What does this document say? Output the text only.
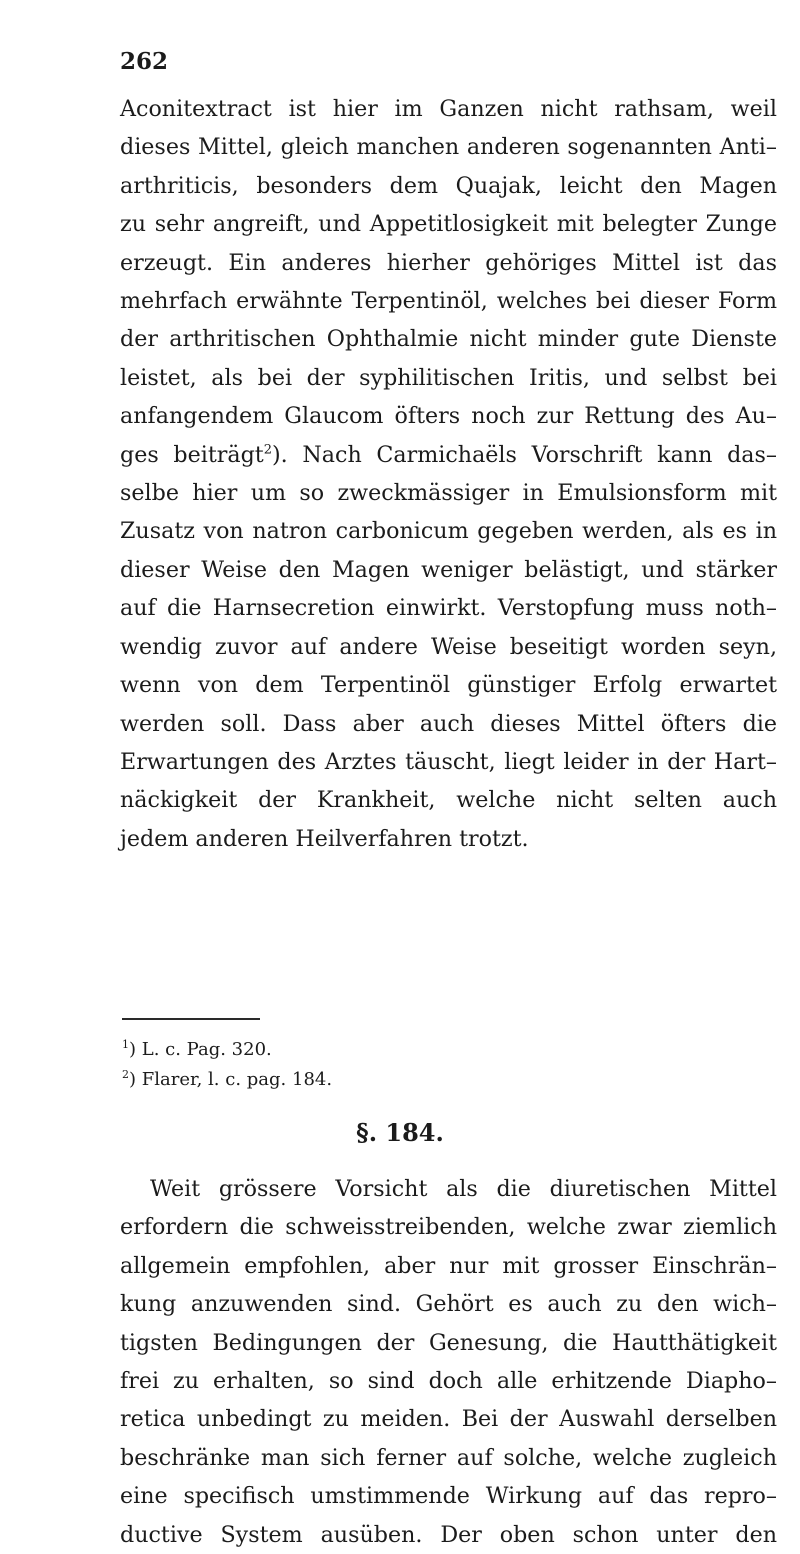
262
Aconitextract ist hier im Ganzen nicht rathsam, weil
dieses Mittel, gleich manchen anderen sogenannten Anti–
arthriticis, besonders dem Quajak, leicht den Magen
zu sehr angreift, und Appetitlosigkeit mit belegter Zunge
erzeugt. Ein anderes hierher gehöriges Mittel ist das
mehrfach erwähnte Terpentinöl, welches bei dieser Form
der arthritischen Ophthalmie nicht minder gute Dienste
leistet, als bei der syphilitischen Iritis, und selbst bei
anfangendem Glaucom öfters noch zur Rettung des Au–
ges beiträgt$^2$). Nach Carmichaëls Vorschrift kann das–
selbe hier um so zweckmässiger in Emulsionsform mit
Zusatz von natron carbonicum gegeben werden, als es in
dieser Weise den Magen weniger belästigt, und stärker
auf die Harnsecretion einwirkt. Verstopfung muss noth–
wendig zuvor auf andere Weise beseitigt worden seyn,
wenn von dem Terpentinöl günstiger Erfolg erwartet
werden soll. Dass aber auch dieses Mittel öfters die
Erwartungen des Arztes täuscht, liegt leider in der Hart–
näckigkeit der Krankheit, welche nicht selten auch
jedem anderen Heilverfahren trotzt.
$^1$) L. c. Pag. 320.
$^2$) Flarer, l. c. pag. 184.
§. 184.
Weit grössere Vorsicht als die diuretischen Mittel
erfordern die schweisstreibenden, welche zwar ziemlich
allgemein empfohlen, aber nur mit grosser Einschrän–
kung anzuwenden sind. Gehört es auch zu den wich–
tigsten Bedingungen der Genesung, die Hautthätigkeit
frei zu erhalten, so sind doch alle erhitzende Diapho–
retica unbedingt zu meiden. Bei der Auswahl derselben
beschränke man sich ferner auf solche, welche zugleich
eine specifisch umstimmende Wirkung auf das repro–
ductive System ausüben. Der oben schon unter den
